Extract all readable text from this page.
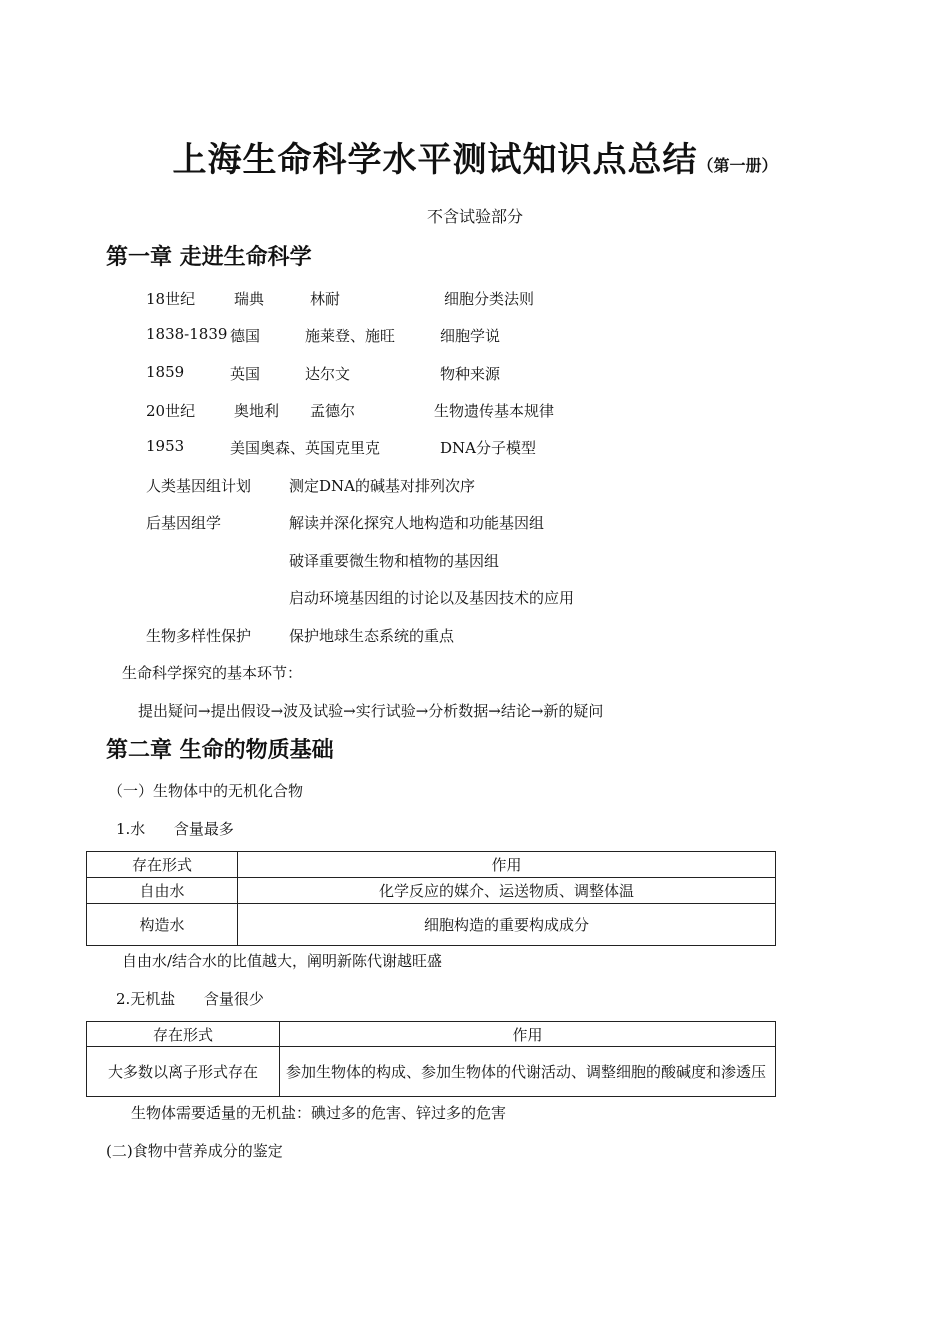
上海生命科学水平测试知识点总结（第一册）
不含试验部分
第一章 走进生命科学
18世纪	瑞典	林耐	细胞分类法则
1838-1839 德国	施莱登、施旺	细胞学说
1859	英国	达尔文	物种来源
20世纪	奥地利 孟德尔	生物遗传基本规律
1953	美国奥森、英国克里克	DNA分子模型
人类基因组计划	测定DNA的碱基对排列次序
后基因组学	解读并深化探究人地构造和功能基因组
破译重要微生物和植物的基因组
启动环境基因组的讨论以及基因技术的应用
生物多样性保护	保护地球生态系统的重点
生命科学探究的基本环节：
提出疑问→提出假设→波及试验→实行试验→分析数据→结论→新的疑问
第二章 生命的物质基础
（一）生物体中的无机化合物
1.水      含量最多
存在形式	作用
自由水	化学反应的媒介、运送物质、调整体温
构造水	细胞构造的重要构成成分
自由水/结合水的比值越大，阐明新陈代谢越旺盛
2.无机盐      含量很少
存在形式	作用
大多数以离子形式存在	参加生物体的构成、参加生物体的代谢活动、调整细胞的酸碱度和渗透压
生物体需要适量的无机盐：碘过多的危害、锌过多的危害
(二)食物中营养成分的鉴定
